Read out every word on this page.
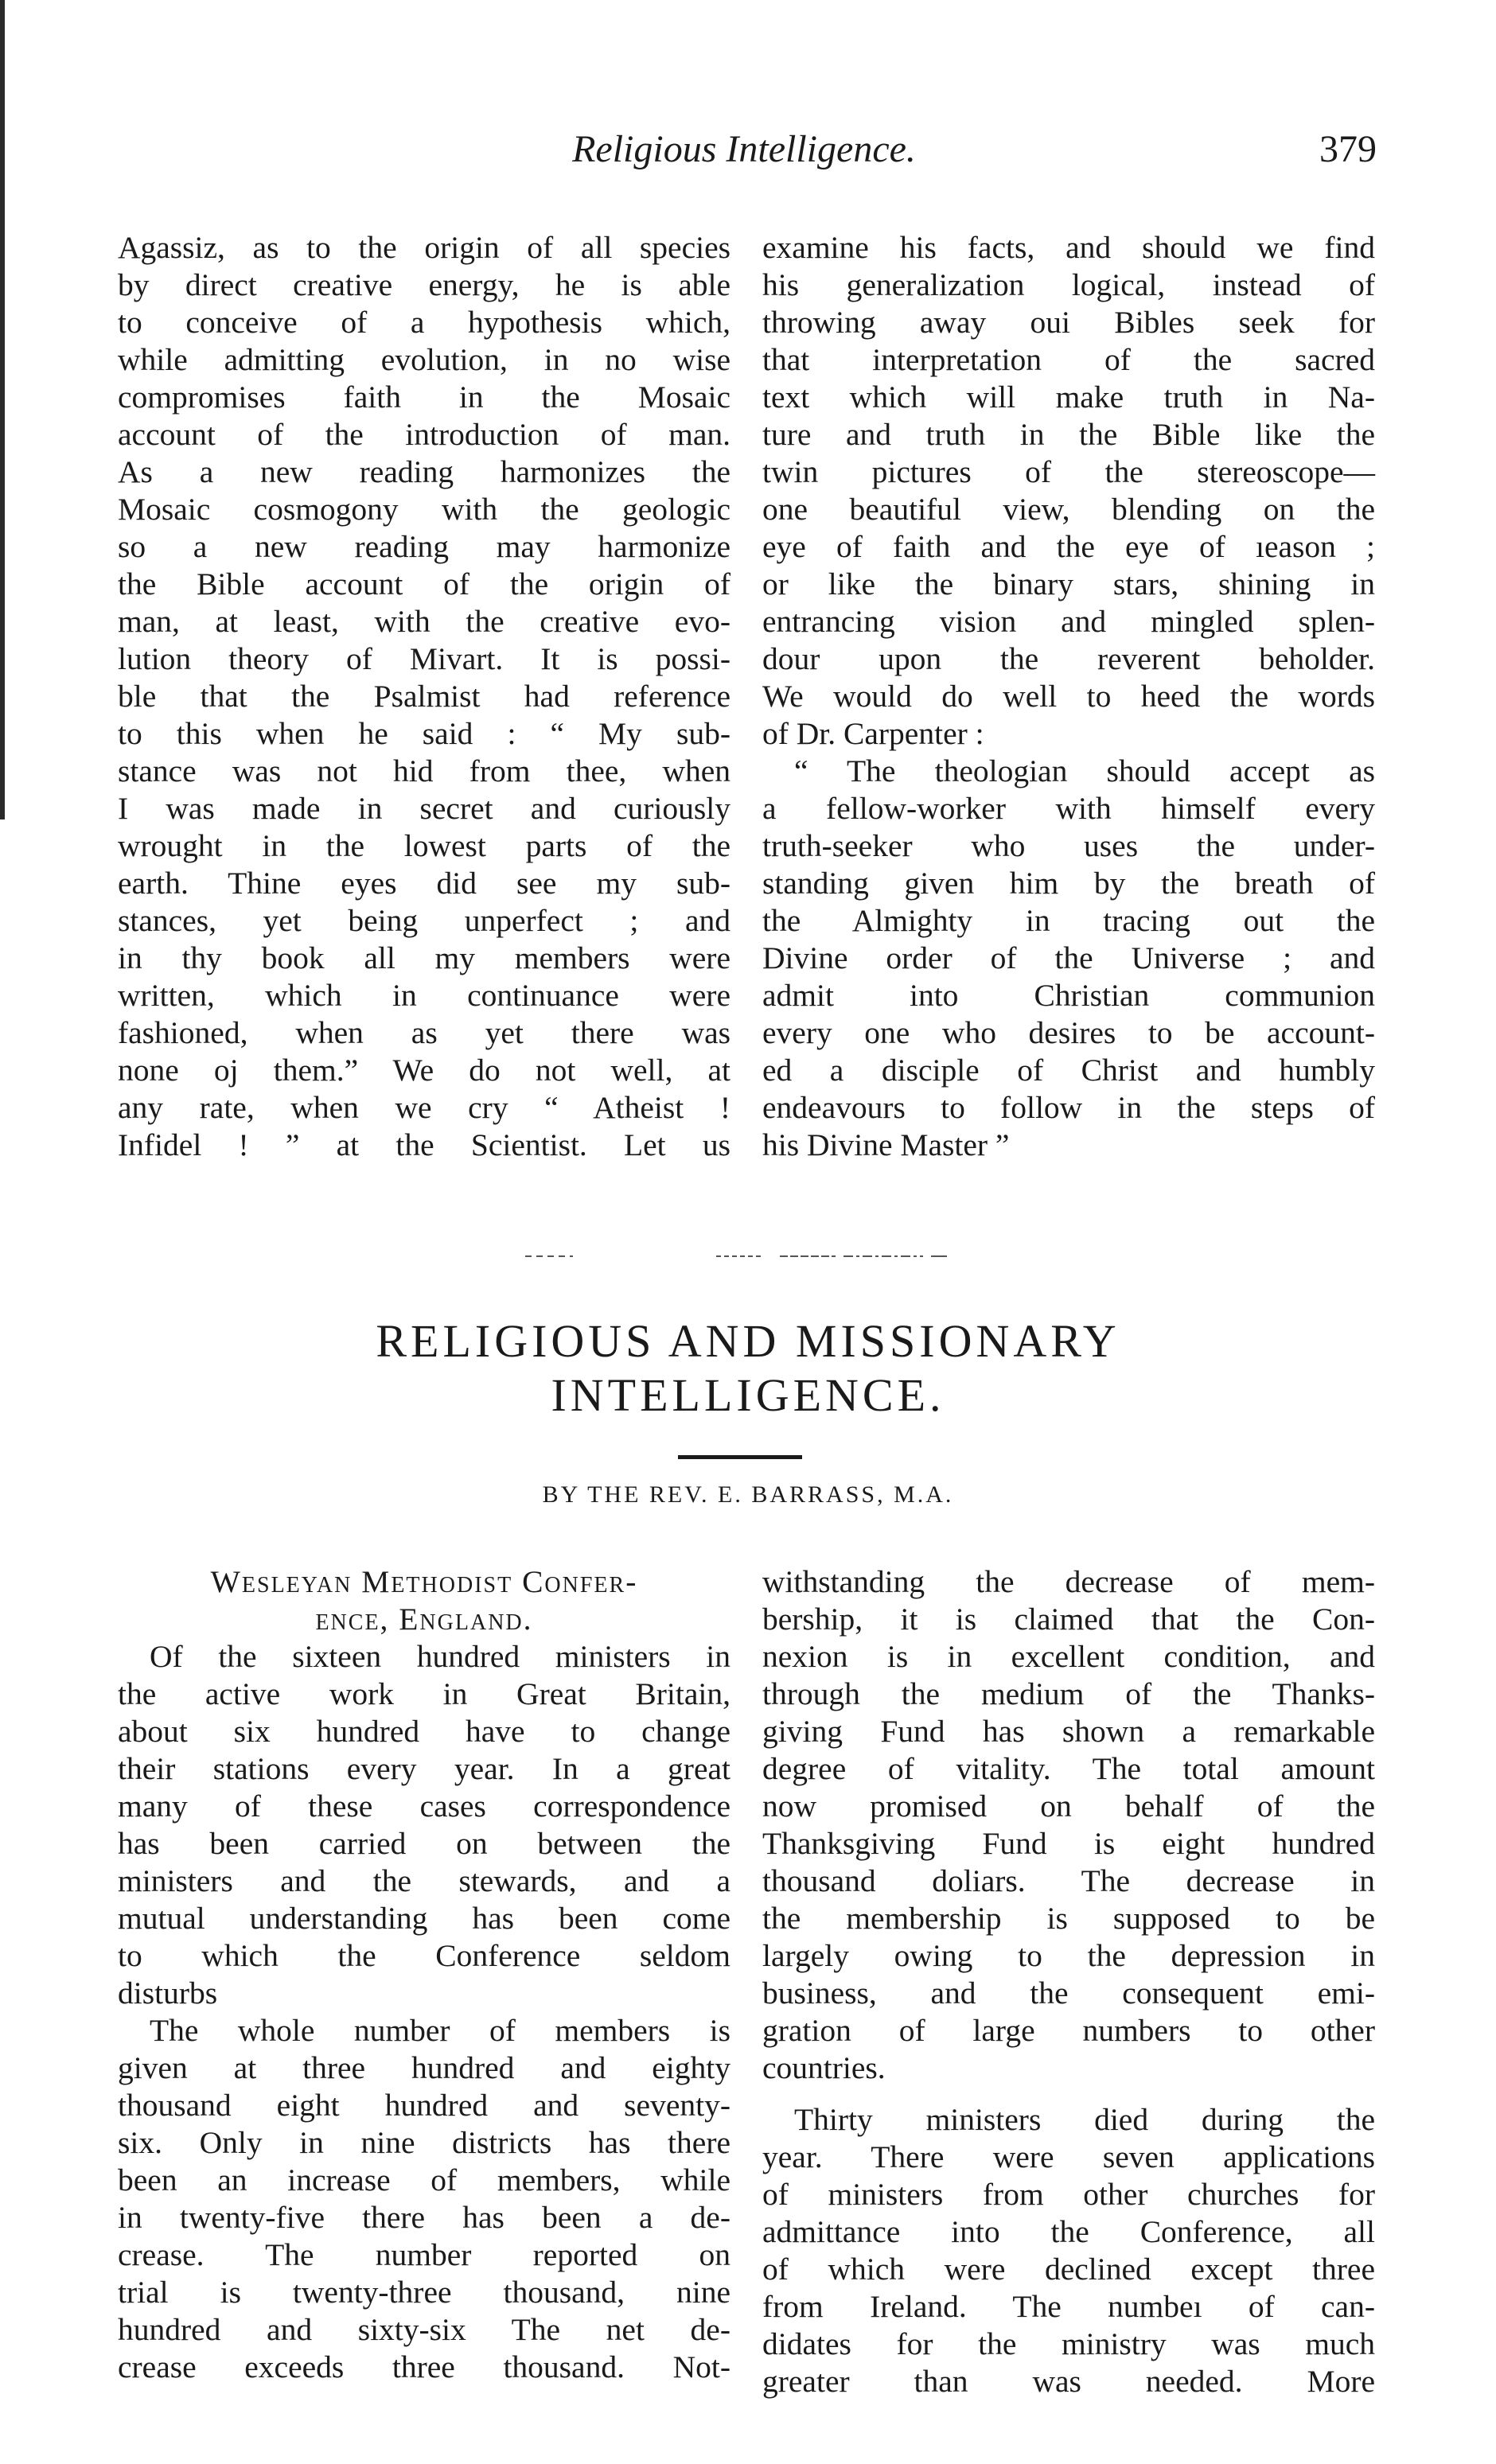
Religious Intelligence.	379
Agassiz, as to the origin of all species
by direct creative energy, he is able
to conceive of a hypothesis which,
while admitting evolution, in no wise
compromises faith in the Mosaic
account of the introduction of man.
As a new reading harmonizes the
Mosaic cosmogony with the geologic
so a new reading may harmonize
the Bible account of the origin of
man, at least, with the creative evo-
lution theory of Mivart. It is possi-
ble that the Psalmist had reference
to this when he said : “ My sub-
stance was not hid from thee, when
I was made in secret and curiously
wrought in the lowest parts of the
earth. Thine eyes did see my sub-
stances, yet being unperfect ; and
in thy book all my members were
written, which in continuance were
fashioned, when as yet there was
none oj them.” We do not well, at
any rate, when we cry “ Atheist !
Infidel ! ” at the Scientist. Let us
examine his facts, and should we find
his generalization logical, instead of
throwing away oui Bibles seek for
that interpretation of the sacred
text which will make truth in Na-
ture and truth in the Bible like the
twin pictures of the stereoscope—
one beautiful view, blending on the
eye of faith and the eye of ıeason ;
or like the binary stars, shining in
entrancing vision and mingled splen-
dour upon the reverent beholder.
We would do well to heed the words
of Dr. Carpenter :
“ The theologian should accept as
a fellow-worker with himself every
truth-seeker who uses the under-
standing given him by the breath of
the Almighty in tracing out the
Divine order of the Universe ; and
admit into Christian communion
every one who desires to be account-
ed a disciple of Christ and humbly
endeavours to follow in the steps of
his Divine Master ”
RELIGIOUS AND MISSIONARY
INTELLIGENCE.
BY THE REV. E. BARRASS, M.A.
Wesleyan Methodist Confer-
ence, England.
Of the sixteen hundred ministers in
the active work in Great Britain,
about six hundred have to change
their stations every year. In a great
many of these cases correspondence
has been carried on between the
ministers and the stewards, and a
mutual understanding has been come
to which the Conference seldom
disturbs
The whole number of members is
given at three hundred and eighty
thousand eight hundred and seventy-
six. Only in nine districts has there
been an increase of members, while
in twenty-five there has been a de-
crease. The number reported on
trial is twenty-three thousand, nine
hundred and sixty-six The net de-
crease exceeds three thousand. Not-
withstanding the decrease of mem-
bership, it is claimed that the Con-
nexion is in excellent condition, and
through the medium of the Thanks-
giving Fund has shown a remarkable
degree of vitality. The total amount
now promised on behalf of the
Thanksgiving Fund is eight hundred
thousand doliars. The decrease in
the membership is supposed to be
largely owing to the depression in
business, and the consequent emi-
gration of large numbers to other
countries.
Thirty ministers died during the
year. There were seven applications
of ministers from other churches for
admittance into the Conference, all
of which were declined except three
from Ireland. The numbeı of can-
didates for the ministry was much
greater than was needed. More
